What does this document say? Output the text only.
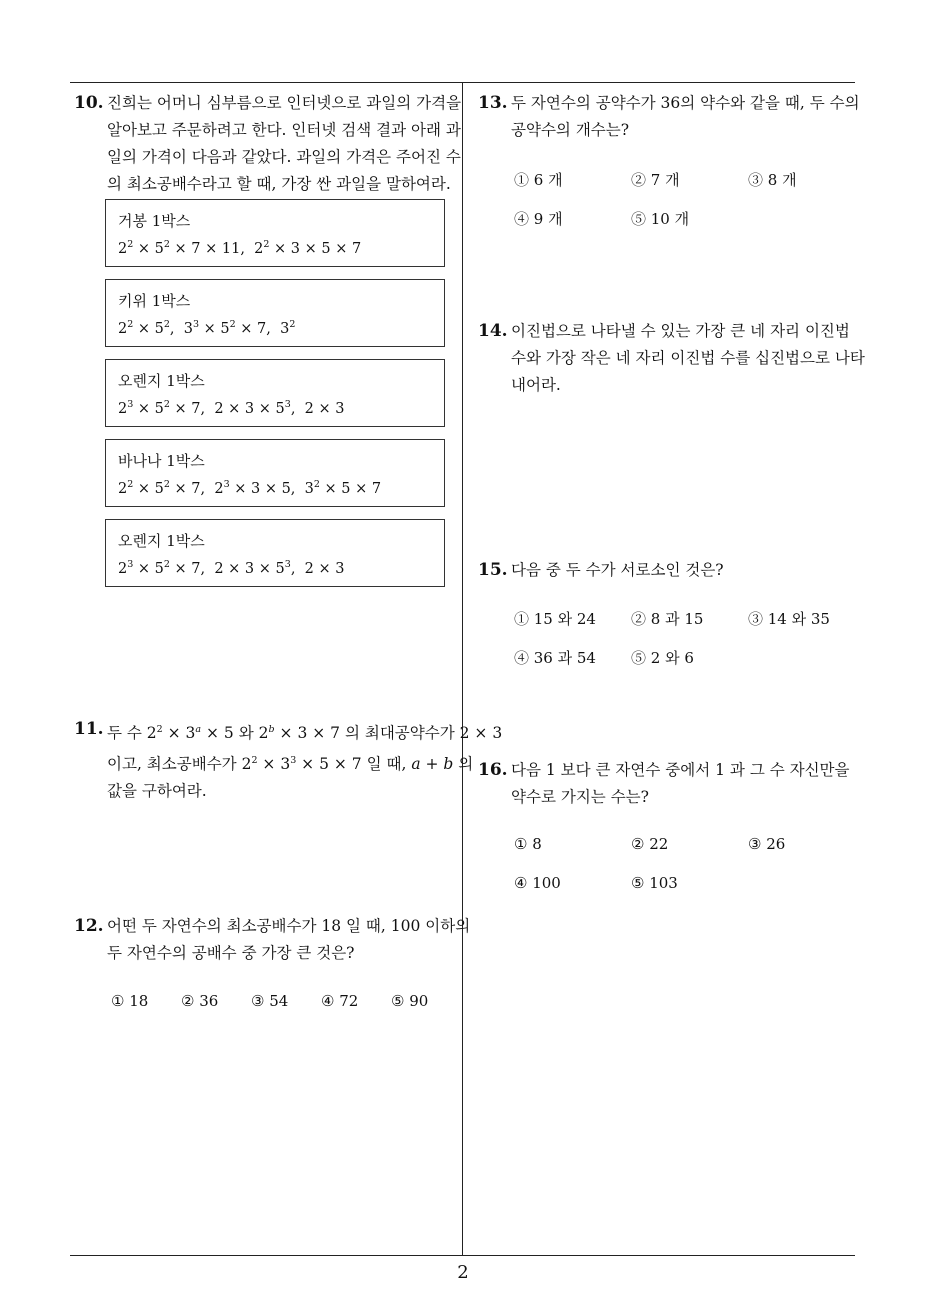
10. 진희는 어머니 심부름으로 인터넷으로 과일의 가격을
알아보고 주문하려고 한다. 인터넷 검색 결과 아래 과
일의 가격이 다음과 같았다. 과일의 가격은 주어진 수
의 최소공배수라고 할 때, 가장 싼 과일을 말하여라.
거봉 1박스
$2^2 \times 5^2 \times 7 \times 11$,  $2^2 \times 3 \times 5 \times 7$
키위 1박스
$2^2 \times 5^2$,  $3^3 \times 5^2 \times 7$,  $3^2$
오렌지 1박스
$2^3 \times 5^2 \times 7$,  $2 \times 3 \times 5^3$,  2 × 3
바나나 1박스
$2^2 \times 5^2 \times 7$,  $2^3 \times 3 \times 5$,  $3^2 \times 5 \times 7$
오렌지 1박스
$2^3 \times 5^2 \times 7$,  $2 \times 3 \times 5^3$,  2 × 3
11. 두 수 $2^2 \times 3^a \times 5$ 와 $2^b \times 3 \times 7$ 의 최대공약수가 2 × 3
이고, 최소공배수가 $2^2 \times 3^3 \times 5 \times 7$ 일 때, a + b 의
값을 구하여라.
12. 어떤 두 자연수의 최소공배수가 18 일 때, 100 이하의
두 자연수의 공배수 중 가장 큰 것은?
① 18 ② 36 ③ 54 ④ 72 ⑤ 90
13. 두 자연수의 공약수가 36의 약수와 같을 때, 두 수의
공약수의 개수는?
① 6 개	② 7 개	③ 8 개
④ 9 개	⑤ 10 개
14. 이진법으로 나타낼 수 있는 가장 큰 네 자리 이진법
수와 가장 작은 네 자리 이진법 수를 십진법으로 나타
내어라.
15. 다음 중 두 수가 서로소인 것은?
① 15 와 24 ② 8 과 15	③ 14 와 35
④ 36 과 54 ⑤ 2 와 6
16. 다음 1 보다 큰 자연수 중에서 1 과 그 수 자신만을
약수로 가지는 수는?
① 8	② 22	③ 26
④ 100	⑤ 103
2
